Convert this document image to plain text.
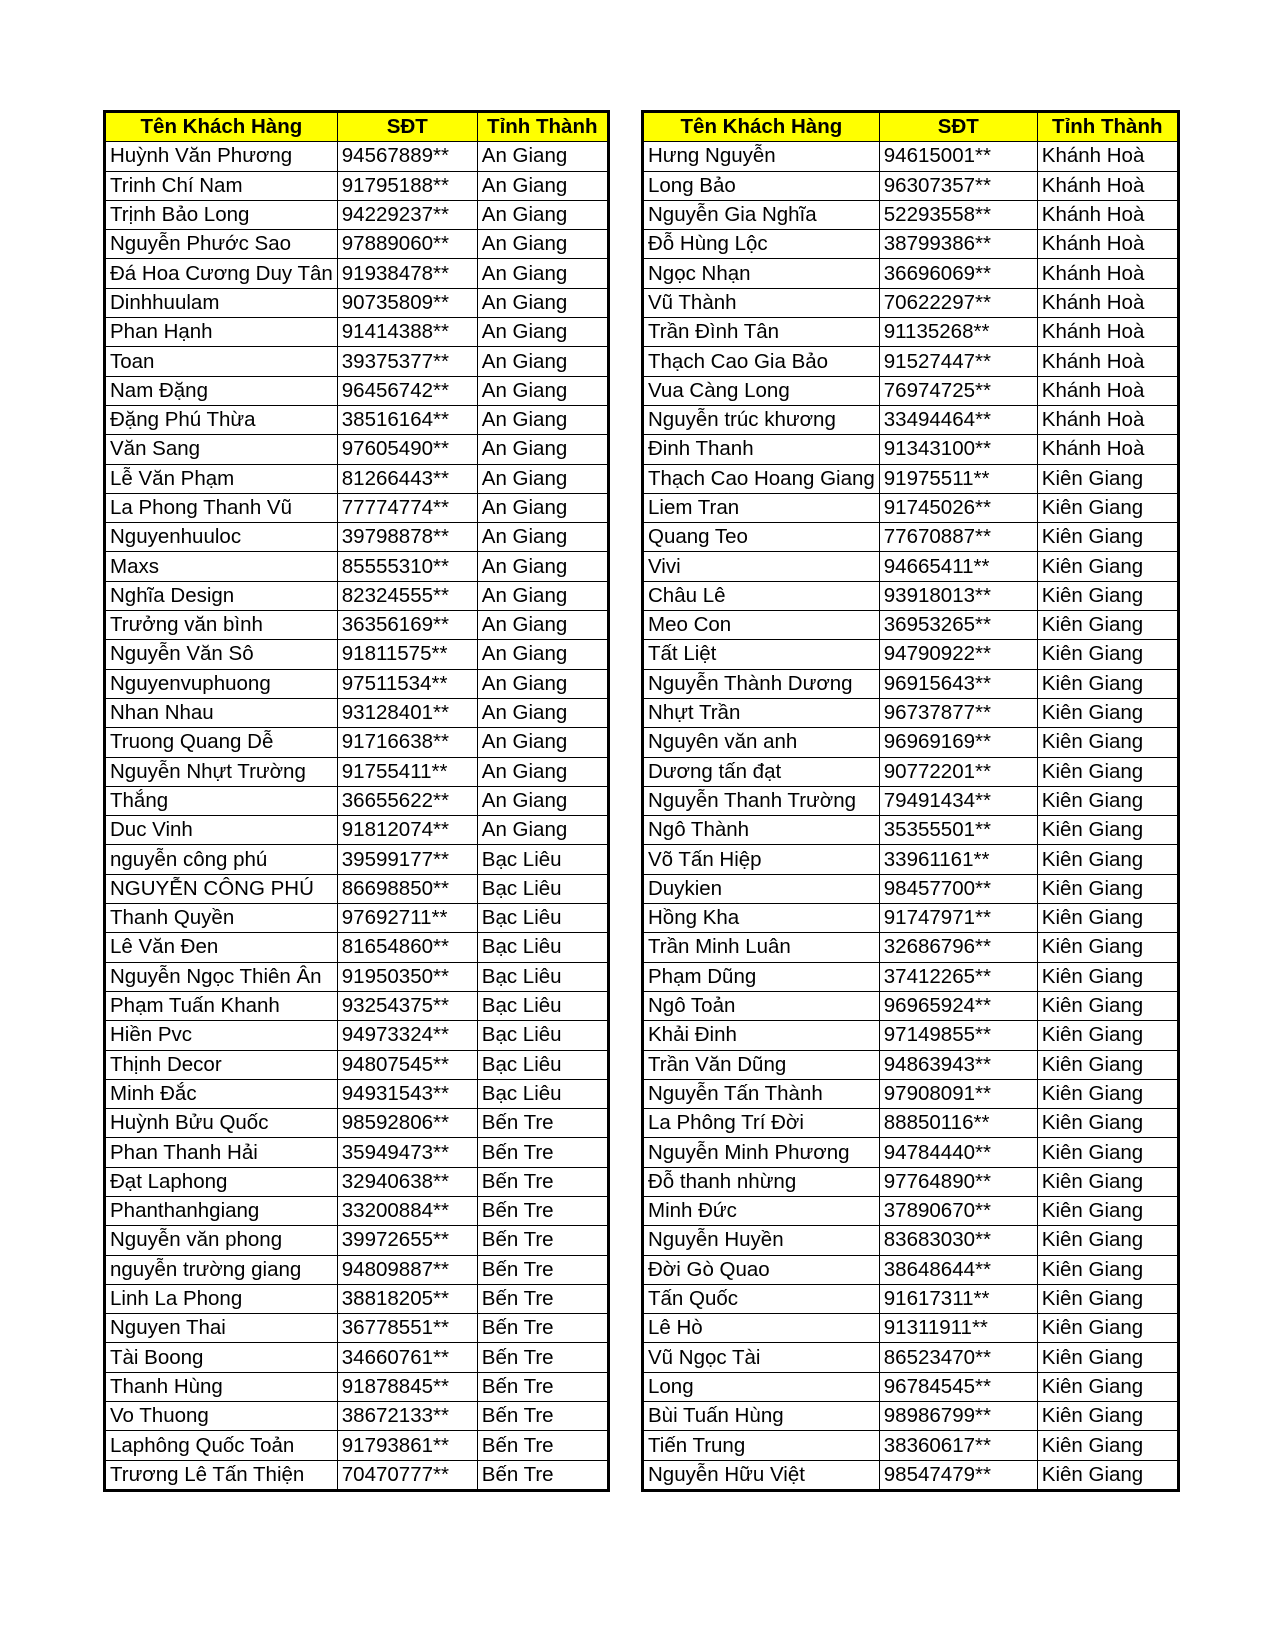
Tên Khách Hàng	SĐT	Tỉnh Thành
Huỳnh Văn Phương	94567889**	An Giang
Trinh Chí Nam	91795188**	An Giang
Trịnh Bảo Long	94229237**	An Giang
Nguyễn Phước Sao	97889060**	An Giang
Đá Hoa Cương Duy Tân	91938478**	An Giang
Dinhhuulam	90735809**	An Giang
Phan Hạnh	91414388**	An Giang
Toan	39375377**	An Giang
Nam Đặng	96456742**	An Giang
Đặng Phú Thừa	38516164**	An Giang
Văn Sang	97605490**	An Giang
Lễ Văn Phạm	81266443**	An Giang
La Phong Thanh Vũ	77774774**	An Giang
Nguyenhuuloc	39798878**	An Giang
Maxs	85555310**	An Giang
Nghĩa Design	82324555**	An Giang
Trưởng văn bình	36356169**	An Giang
Nguyễn Văn Sô	91811575**	An Giang
Nguyenvuphuong	97511534**	An Giang
Nhan Nhau	93128401**	An Giang
Truong Quang Dễ	91716638**	An Giang
Nguyễn Nhựt Trường	91755411**	An Giang
Thắng	36655622**	An Giang
Duc Vinh	91812074**	An Giang
nguyễn công phú	39599177**	Bạc Liêu
NGUYỄN CÔNG PHÚ	86698850**	Bạc Liêu
Thanh Quyền	97692711**	Bạc Liêu
Lê Văn Đen	81654860**	Bạc Liêu
Nguyễn Ngọc Thiên Ân	91950350**	Bạc Liêu
Phạm Tuấn Khanh	93254375**	Bạc Liêu
Hiền Pvc	94973324**	Bạc Liêu
Thịnh Decor	94807545**	Bạc Liêu
Minh Đắc	94931543**	Bạc Liêu
Huỳnh Bửu Quốc	98592806**	Bến Tre
Phan Thanh Hải	35949473**	Bến Tre
Đạt Laphong	32940638**	Bến Tre
Phanthanhgiang	33200884**	Bến Tre
Nguyễn văn phong	39972655**	Bến Tre
nguyễn trường giang	94809887**	Bến Tre
Linh La Phong	38818205**	Bến Tre
Nguyen Thai	36778551**	Bến Tre
Tài Boong	34660761**	Bến Tre
Thanh Hùng	91878845**	Bến Tre
Vo Thuong	38672133**	Bến Tre
Laphông Quốc Toản	91793861**	Bến Tre
Trương Lê Tấn Thiện	70470777**	Bến Tre
Tên Khách Hàng	SĐT	Tỉnh Thành
Hưng Nguyễn	94615001**	Khánh Hoà
Long Bảo	96307357**	Khánh Hoà
Nguyễn Gia Nghĩa	52293558**	Khánh Hoà
Đỗ Hùng Lộc	38799386**	Khánh Hoà
Ngọc Nhạn	36696069**	Khánh Hoà
Vũ Thành	70622297**	Khánh Hoà
Trần Đình Tân	91135268**	Khánh Hoà
Thạch Cao Gia Bảo	91527447**	Khánh Hoà
Vua Càng Long	76974725**	Khánh Hoà
Nguyễn trúc khương	33494464**	Khánh Hoà
Đinh Thanh	91343100**	Khánh Hoà
Thạch Cao Hoang Giang	91975511**	Kiên Giang
Liem Tran	91745026**	Kiên Giang
Quang Teo	77670887**	Kiên Giang
Vivi	94665411**	Kiên Giang
Châu Lê	93918013**	Kiên Giang
Meo Con	36953265**	Kiên Giang
Tất Liệt	94790922**	Kiên Giang
Nguyễn Thành Dương	96915643**	Kiên Giang
Nhựt Trần	96737877**	Kiên Giang
Nguyên văn anh	96969169**	Kiên Giang
Dương tấn đạt	90772201**	Kiên Giang
Nguyễn Thanh Trường	79491434**	Kiên Giang
Ngô Thành	35355501**	Kiên Giang
Võ Tấn Hiệp	33961161**	Kiên Giang
Duykien	98457700**	Kiên Giang
Hồng Kha	91747971**	Kiên Giang
Trần Minh Luân	32686796**	Kiên Giang
Phạm Dũng	37412265**	Kiên Giang
Ngô Toản	96965924**	Kiên Giang
Khải Đinh	97149855**	Kiên Giang
Trần Văn Dũng	94863943**	Kiên Giang
Nguyễn Tấn Thành	97908091**	Kiên Giang
La Phông Trí Đời	88850116**	Kiên Giang
Nguyễn Minh Phương	94784440**	Kiên Giang
Đỗ thanh nhừng	97764890**	Kiên Giang
Minh Đức	37890670**	Kiên Giang
Nguyễn Huyền	83683030**	Kiên Giang
Đời Gò Quao	38648644**	Kiên Giang
Tấn Quốc	91617311**	Kiên Giang
Lê Hò	91311911**	Kiên Giang
Vũ Ngọc Tài	86523470**	Kiên Giang
Long	96784545**	Kiên Giang
Bùi Tuấn Hùng	98986799**	Kiên Giang
Tiến Trung	38360617**	Kiên Giang
Nguyễn Hữu Việt	98547479**	Kiên Giang
